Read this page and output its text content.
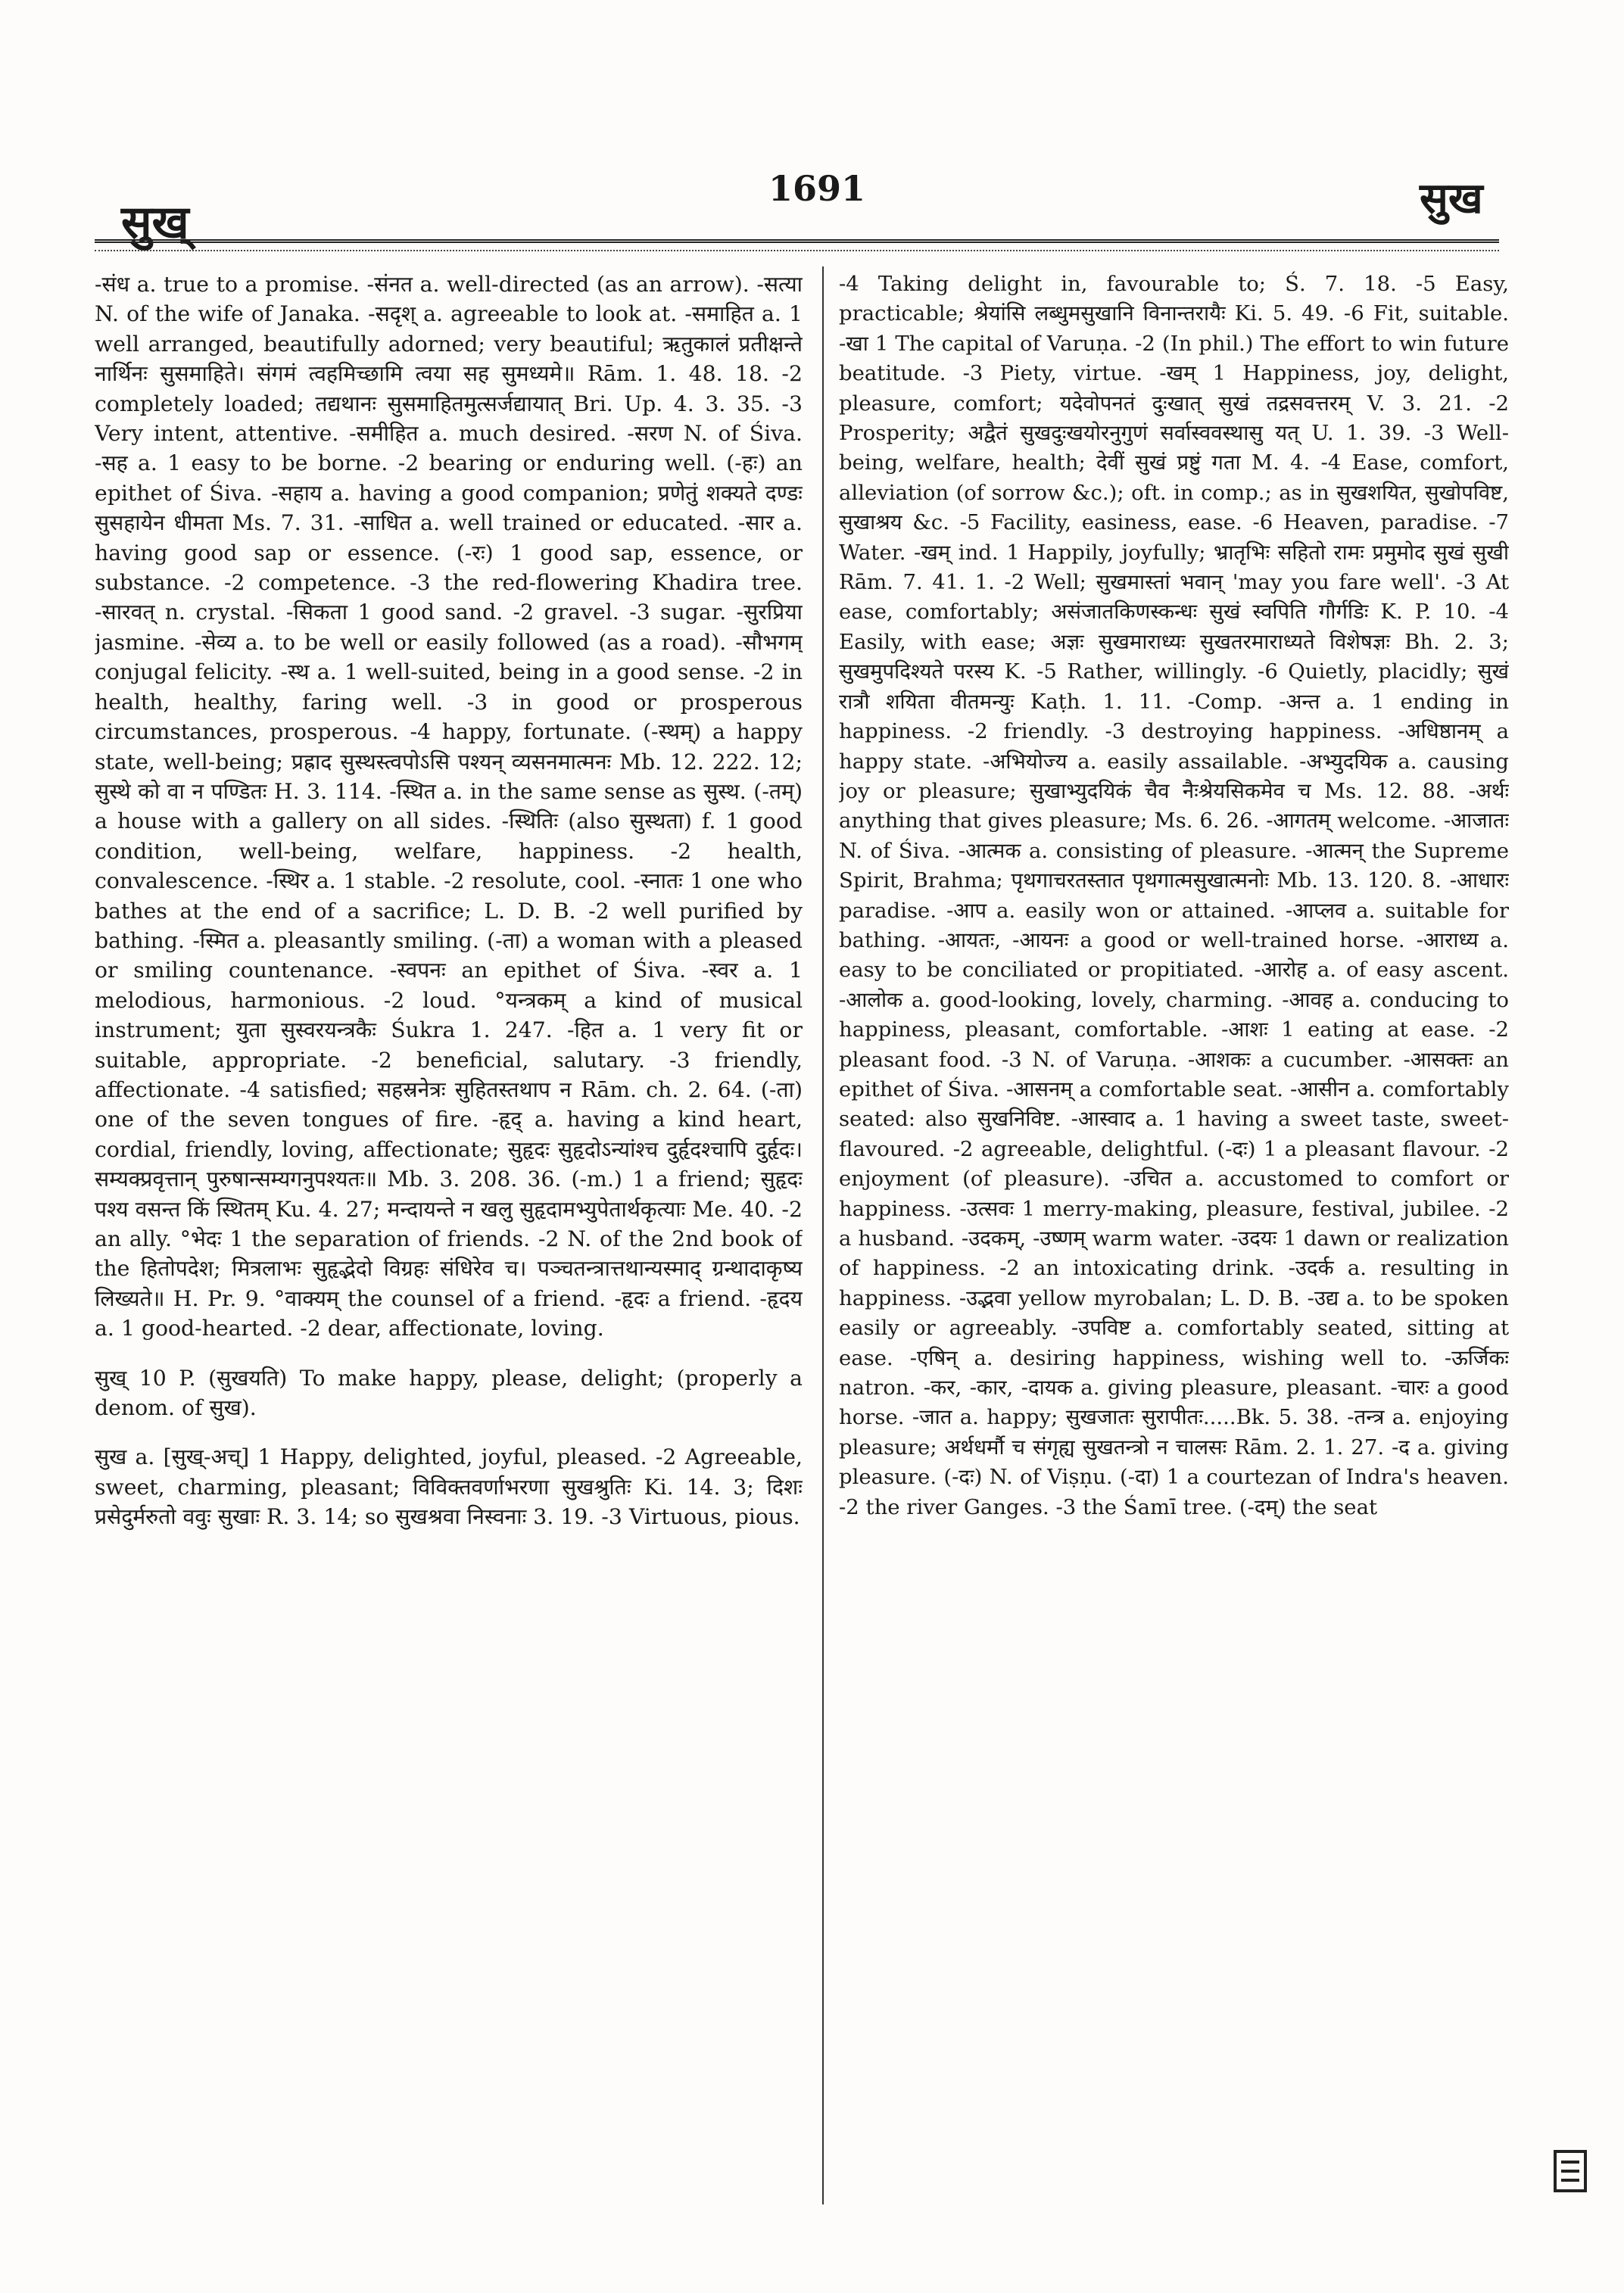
सुख्
1691	सुख

-संध a. true to a promise. -संनत a. well-directed (as an arrow). -सत्या N. of the wife of Janaka. -सदृश् a. agreeable to look at. -समाहित a. 1 well arranged, beautifully adorned; very beautiful; ऋतुकालं प्रतीक्षन्ते नार्थिनः सुसमाहिते। संगमं त्वहमिच्छामि त्वया सह सुमध्यमे॥ Rām. 1. 48. 18. -2 completely loaded; तद्यथानः सुसमाहितमुत्सर्जद्यायात् Bri. Up. 4. 3. 35. -3 Very intent, attentive. -समीहित a. much desired. -सरण N. of Śiva. -सह a. 1 easy to be borne. -2 bearing or enduring well. (-हः) an epithet of Śiva. -सहाय a. having a good companion; प्रणेतुं शक्यते दण्डः सुसहायेन धीमता Ms. 7. 31. -साधित a. well trained or educated. -सार a. having good sap or essence. (-रः) 1 good sap, essence, or substance. -2 competence. -3 the red-flowering Khadira tree. -सारवत् n. crystal. -सिकता 1 good sand. -2 gravel. -3 sugar. -सुरप्रिया jasmine. -सेव्य a. to be well or easily followed (as a road). -सौभगम् conjugal felicity. -स्थ a. 1 well-suited, being in a good sense. -2 in health, healthy, faring well. -3 in good or prosperous circumstances, prosperous. -4 happy, fortunate. (-स्थम्) a happy state, well-being; प्रह्राद सुस्थस्त्वपोऽसि पश्यन् व्यसनमात्मनः Mb. 12. 222. 12; सुस्थे को वा न पण्डितः H. 3. 114. -स्थित a. in the same sense as सुस्थ. (-तम्) a house with a gallery on all sides. -स्थितिः (also सुस्थता) f. 1 good condition, well-being, welfare, happiness. -2 health, convalescence. -स्थिर a. 1 stable. -2 resolute, cool. -स्नातः 1 one who bathes at the end of a sacrifice; L. D. B. -2 well purified by bathing. -स्मित a. pleasantly smiling. (-ता) a woman with a pleased or smiling countenance. -स्वपनः an epithet of Śiva. -स्वर a. 1 melodious, harmonious. -2 loud. °यन्त्रकम् a kind of musical instrument; युता सुस्वरयन्त्रकैः Śukra 1. 247. -हित a. 1 very fit or suitable, appropriate. -2 beneficial, salutary. -3 friendly, affectionate. -4 satisfied; सहस्रनेत्रः सुहितस्तथाप न Rām. ch. 2. 64. (-ता) one of the seven tongues of fire. -हृद् a. having a kind heart, cordial, friendly, loving, affectionate; सुहृदः सुहृदोऽन्यांश्च दुर्हृदश्चापि दुर्हृदः। सम्यक्प्रवृत्तान् पुरुषान्सम्यगनुपश्यतः॥ Mb. 3. 208. 36. (-m.) 1 a friend; सुहृदः पश्य वसन्त किं स्थितम् Ku. 4. 27; मन्दायन्ते न खलु सुहृदामभ्युपेतार्थकृत्याः Me. 40. -2 an ally. °भेदः 1 the separation of friends. -2 N. of the 2nd book of the हितोपदेश; मित्रलाभः सुहृद्भेदो विग्रहः संधिरेव च। पञ्चतन्त्रात्तथान्यस्माद् ग्रन्थादाकृष्य लिख्यते॥ H. Pr. 9. °वाक्यम् the counsel of a friend. -हृदः a friend. -हृदय a. 1 good-hearted. -2 dear, affectionate, loving.

सुख् 10 P. (सुखयति) To make happy, please, delight; (properly a denom. of सुख).

सुख a. [सुख्-अच्] 1 Happy, delighted, joyful, pleased. -2 Agreeable, sweet, charming, pleasant; विविक्तवर्णाभरणा सुखश्रुतिः Ki. 14. 3; दिशः प्रसेदुर्मरुतो ववुः सुखाः R. 3. 14; so सुखश्रवा निस्वनाः 3. 19. -3 Virtuous, pious.

-4 Taking delight in, favourable to; Ś. 7. 18. -5 Easy, practicable; श्रेयांसि लब्धुमसुखानि विनान्तरायैः Ki. 5. 49. -6 Fit, suitable. -खा 1 The capital of Varuṇa. -2 (In phil.) The effort to win future beatitude. -3 Piety, virtue. -खम् 1 Happiness, joy, delight, pleasure, comfort; यदेवोपनतं दुःखात् सुखं तद्रसवत्तरम् V. 3. 21. -2 Prosperity; अद्वैतं सुखदुःखयोरनुगुणं सर्वास्ववस्थासु यत् U. 1. 39. -3 Well-being, welfare, health; देवीं सुखं प्रष्टुं गता M. 4. -4 Ease, comfort, alleviation (of sorrow &c.); oft. in comp.; as in सुखशयित, सुखोपविष्ट, सुखाश्रय &c. -5 Facility, easiness, ease. -6 Heaven, paradise. -7 Water. -खम् ind. 1 Happily, joyfully; भ्रातृभिः सहितो रामः प्रमुमोद सुखं सुखी Rām. 7. 41. 1. -2 Well; सुखमास्तां भवान् 'may you fare well'. -3 At ease, comfortably; असंजातकिणस्कन्धः सुखं स्वपिति गौर्गडिः K. P. 10. -4 Easily, with ease; अज्ञः सुखमाराध्यः सुखतरमाराध्यते विशेषज्ञः Bh. 2. 3; सुखमुपदिश्यते परस्य K. -5 Rather, willingly. -6 Quietly, placidly; सुखं रात्रौ शयिता वीतमन्युः Kaṭh. 1. 11. -Comp. -अन्त a. 1 ending in happiness. -2 friendly. -3 destroying happiness. -अधिष्ठानम् a happy state. -अभियोज्य a. easily assailable. -अभ्युदयिक a. causing joy or pleasure; सुखाभ्युदयिकं चैव नैःश्रेयसिकमेव च Ms. 12. 88. -अर्थः anything that gives pleasure; Ms. 6. 26. -आगतम् welcome. -आजातः N. of Śiva. -आत्मक a. consisting of pleasure. -आत्मन् the Supreme Spirit, Brahma; पृथगाचरतस्तात पृथगात्मसुखात्मनोः Mb. 13. 120. 8. -आधारः paradise. -आप a. easily won or attained. -आप्लव a. suitable for bathing. -आयतः, -आयनः a good or well-trained horse. -आराध्य a. easy to be conciliated or propitiated. -आरोह a. of easy ascent. -आलोक a. good-looking, lovely, charming. -आवह a. conducing to happiness, pleasant, comfortable. -आशः 1 eating at ease. -2 pleasant food. -3 N. of Varuṇa. -आशकः a cucumber. -आसक्तः an epithet of Śiva. -आसनम् a comfortable seat. -आसीन a. comfortably seated: also सुखनिविष्ट. -आस्वाद a. 1 having a sweet taste, sweet-flavoured. -2 agreeable, delightful. (-दः) 1 a pleasant flavour. -2 enjoyment (of pleasure). -उचित a. accustomed to comfort or happiness. -उत्सवः 1 merry-making, pleasure, festival, jubilee. -2 a husband. -उदकम्, -उष्णम् warm water. -उदयः 1 dawn or realization of happiness. -2 an intoxicating drink. -उदर्क a. resulting in happiness. -उद्भवा yellow myrobalan; L. D. B. -उद्य a. to be spoken easily or agreeably. -उपविष्ट a. comfortably seated, sitting at ease. -एषिन् a. desiring happiness, wishing well to. -ऊर्जिकः natron. -कर, -कार, -दायक a. giving pleasure, pleasant. -चारः a good horse. -जात a. happy; सुखजातः सुरापीतः.....Bk. 5. 38. -तन्त्र a. enjoying pleasure; अर्थधर्मौ च संगृह्य सुखतन्त्रो न चालसः Rām. 2. 1. 27. -द a. giving pleasure. (-दः) N. of Viṣṇu. (-दा) 1 a courtezan of Indra's heaven. -2 the river Ganges. -3 the Śamī tree. (-दम्) the seat
